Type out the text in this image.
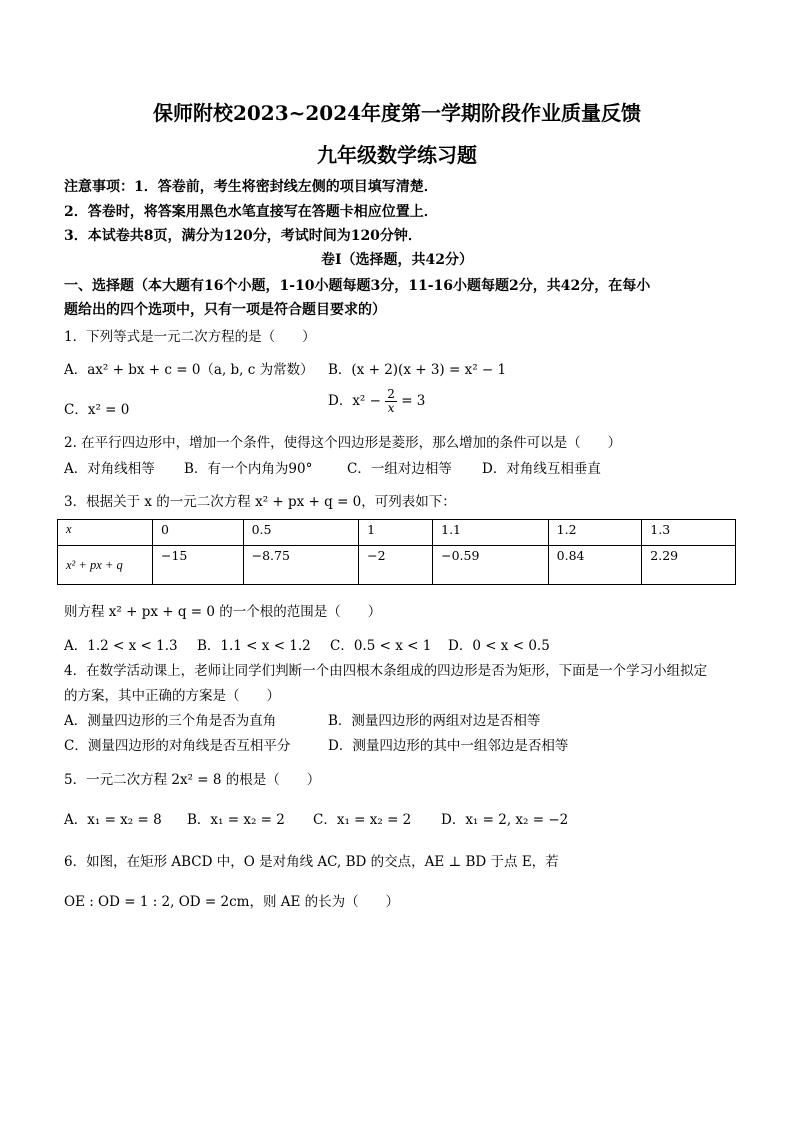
保师附校2023~2024年度第一学期阶段作业质量反馈
九年级数学练习题
注意事项：1．答卷前，考生将密封线左侧的项目填写清楚．
2．答卷时，将答案用黑色水笔直接写在答题卡相应位置上．
3．本试卷共8页，满分为120分，考试时间为120分钟．
卷Ⅰ（选择题，共42分）
一、选择题（本大题有16个小题，1-10小题每题3分，11-16小题每题2分，共42分，在每小
题给出的四个选项中，只有一项是符合题目要求的）
1．下列等式是一元二次方程的是（　　）
A．ax² + bx + c = 0（a, b, c 为常数） B．(x + 2)(x + 3) = x² − 1
C．x² = 0
D．$x^2 - \frac{2}{x} = 3$
2. 在平行四边形中，增加一个条件，使得这个四边形是菱形，那么增加的条件可以是（　　）
A．对角线相等 B．有一个内角为90°	C．一组对边相等 D．对角线互相垂直
3．根据关于 x 的一元二次方程 x² + px + q = 0，可列表如下：
x	0	0.5	1	1.1	1.2	1.3
x² + px + q	−15	−8.75	−2	−0.59	0.84	2.29
则方程 x² + px + q = 0 的一个根的范围是（　　）
A．1.2 < x < 1.3 B．1.1 < x < 1.2 C．0.5 < x < 1 D．0 < x < 0.5
4．在数学活动课上，老师让同学们判断一个由四根木条组成的四边形是否为矩形，下面是一个学习小组拟定
的方案，其中正确的方案是（　　）
A．测量四边形的三个角是否为直角	B．测量四边形的两组对边是否相等
C．测量四边形的对角线是否互相平分	D．测量四边形的其中一组邻边是否相等
5．一元二次方程 2x² = 8 的根是（　　）
A．x₁ = x₂ = 8 B．x₁ = x₂ = 2 C．x₁ = x₂ = 2 D．x₁ = 2, x₂ = −2
6．如图，在矩形 ABCD 中，O 是对角线 AC, BD 的交点，AE ⊥ BD 于点 E，若
OE : OD = 1 : 2, OD = 2cm，则 AE 的长为（　　）
